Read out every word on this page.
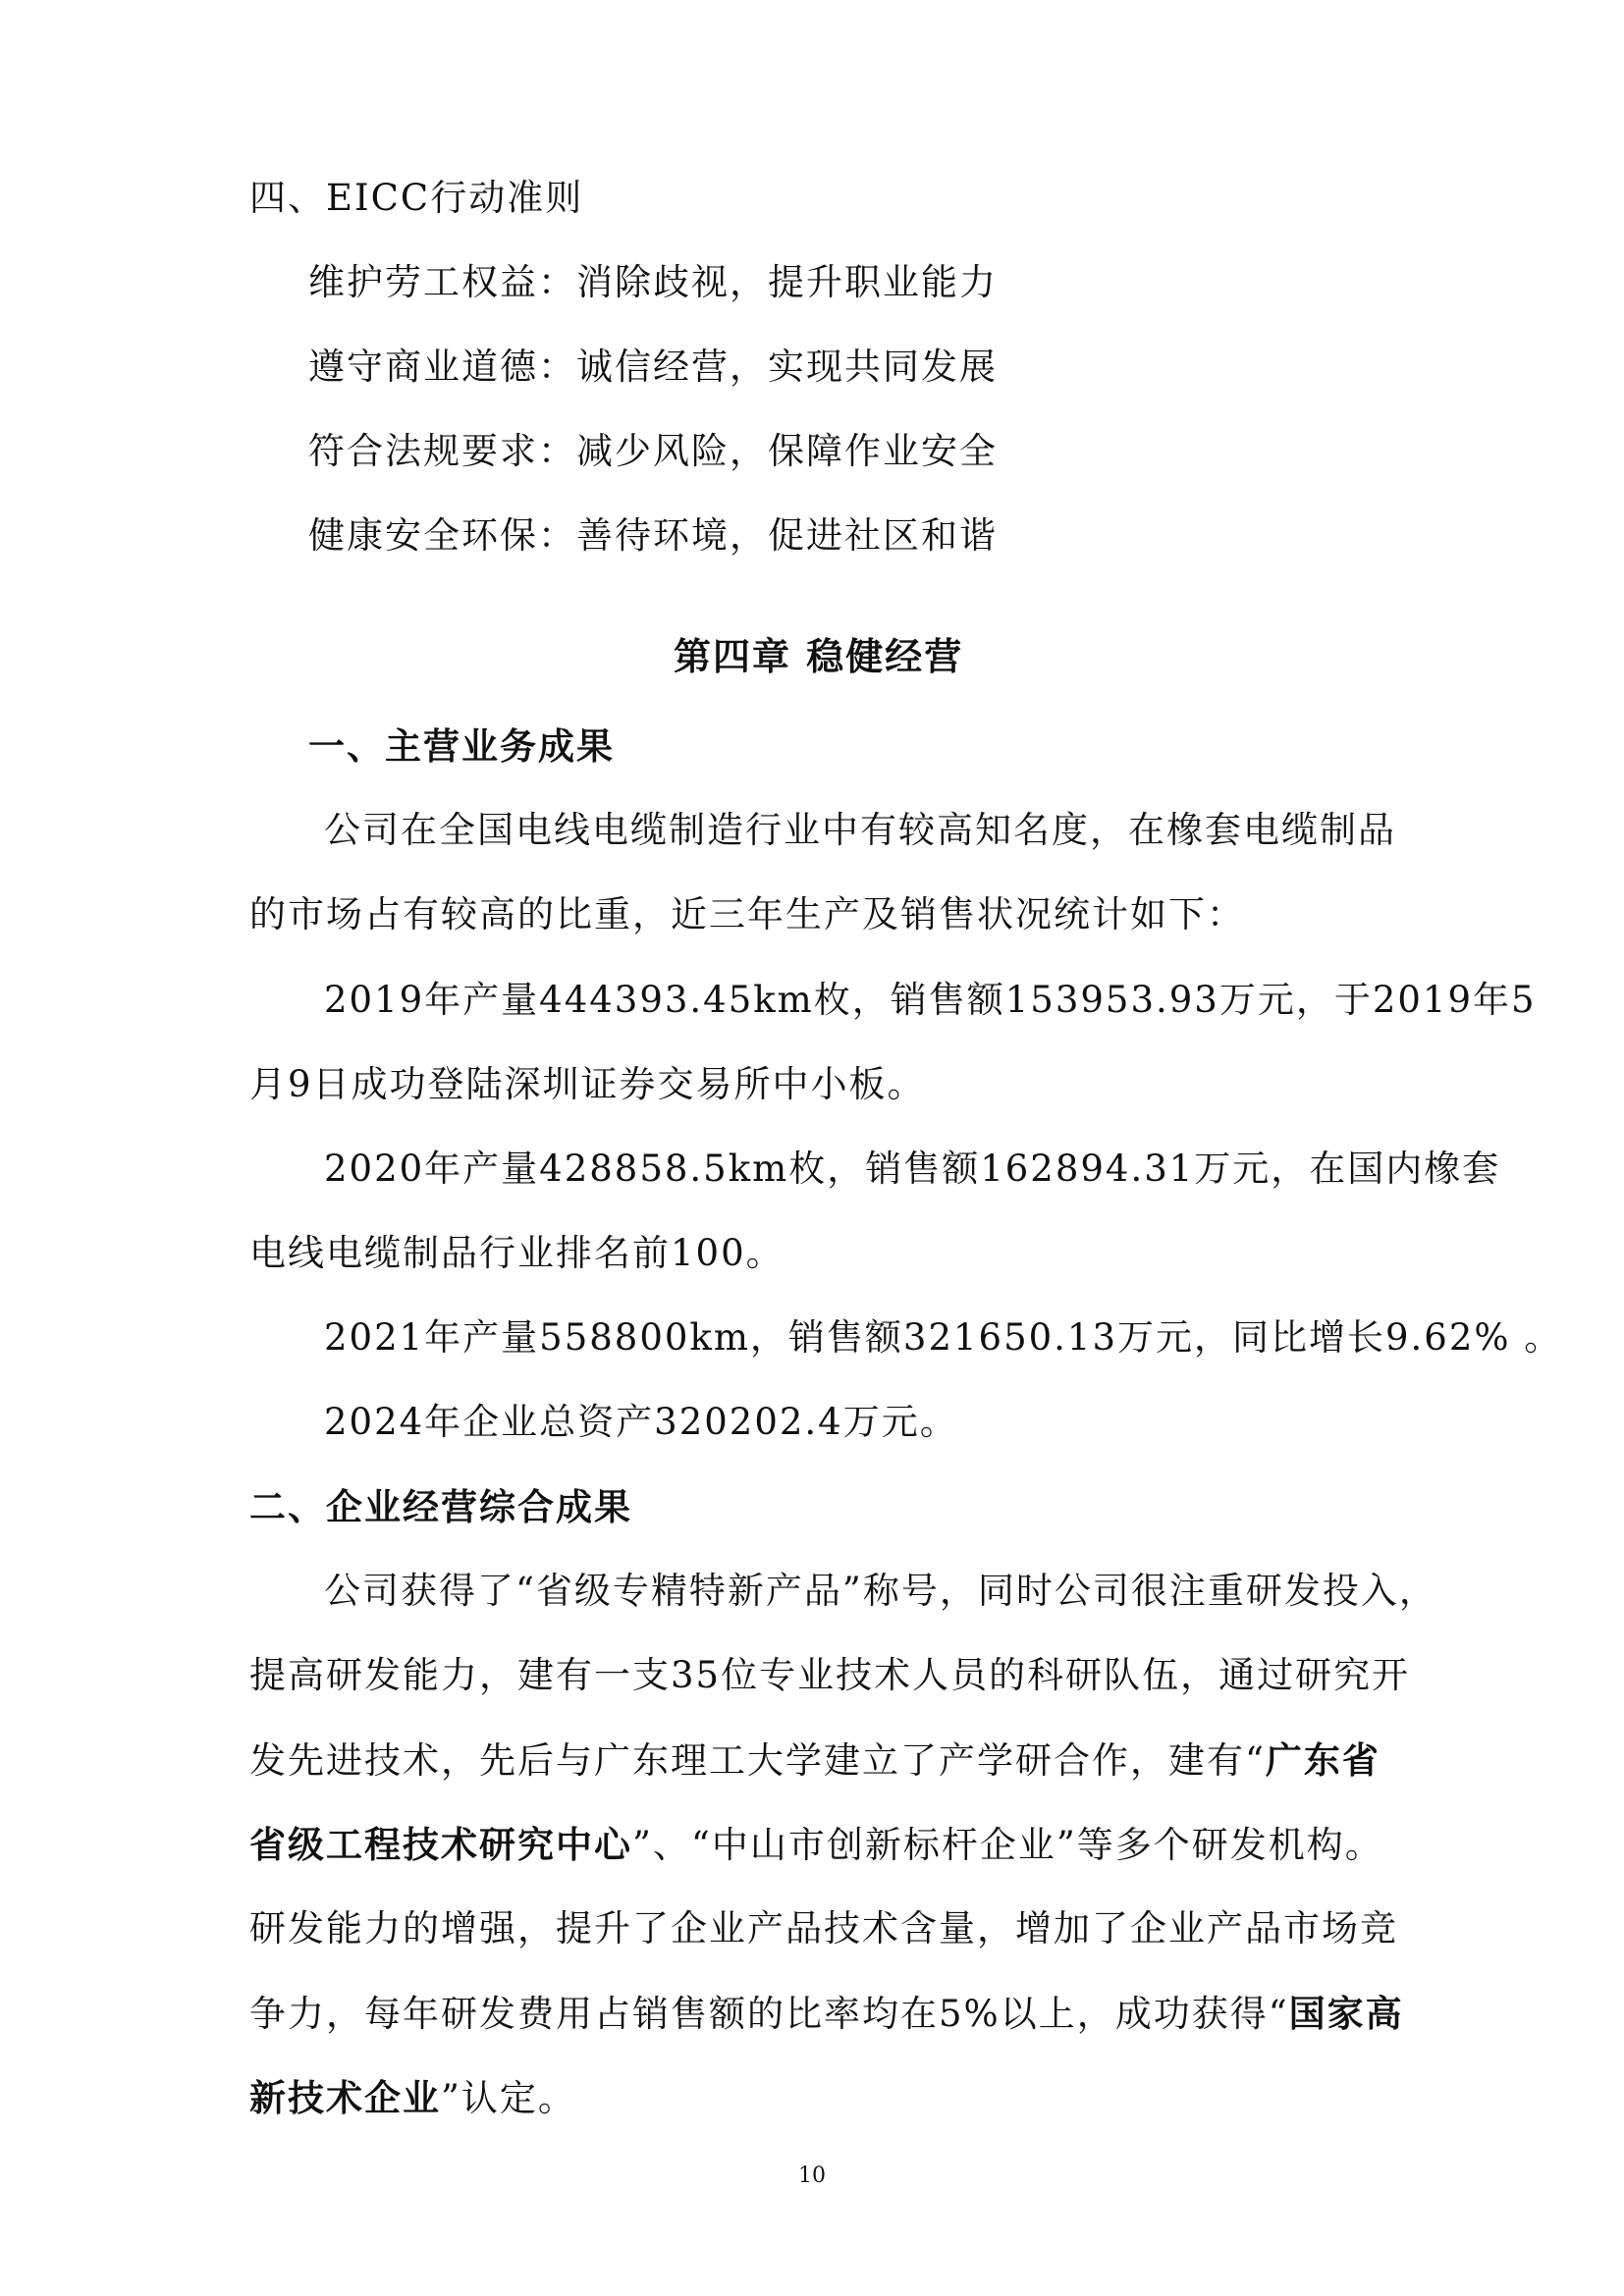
四、EICC行动准则
维护劳工权益：消除歧视，提升职业能力
遵守商业道德：诚信经营，实现共同发展
符合法规要求：减少风险，保障作业安全
健康安全环保：善待环境，促进社区和谐
第四章 稳健经营
一、主营业务成果
公司在全国电线电缆制造行业中有较高知名度，在橡套电缆制品
的市场占有较高的比重，近三年生产及销售状况统计如下：
2019年产量444393.45km枚，销售额153953.93万元，于2019年5
月9日成功登陆深圳证券交易所中小板。
2020年产量428858.5km枚，销售额162894.31万元，在国内橡套
电线电缆制品行业排名前100。
2021年产量558800km，销售额321650.13万元，同比增长9.62% 。
2024年企业总资产320202.4万元。
二、企业经营综合成果
公司获得了“省级专精特新产品”称号，同时公司很注重研发投入，
提高研发能力，建有一支35位专业技术人员的科研队伍，通过研究开
发先进技术，先后与广东理工大学建立了产学研合作，建有“广东省
省级工程技术研究中心”、“中山市创新标杆企业”等多个研发机构。
研发能力的增强，提升了企业产品技术含量，增加了企业产品市场竞
争力，每年研发费用占销售额的比率均在5%以上，成功获得“国家高
新技术企业”认定。
10
